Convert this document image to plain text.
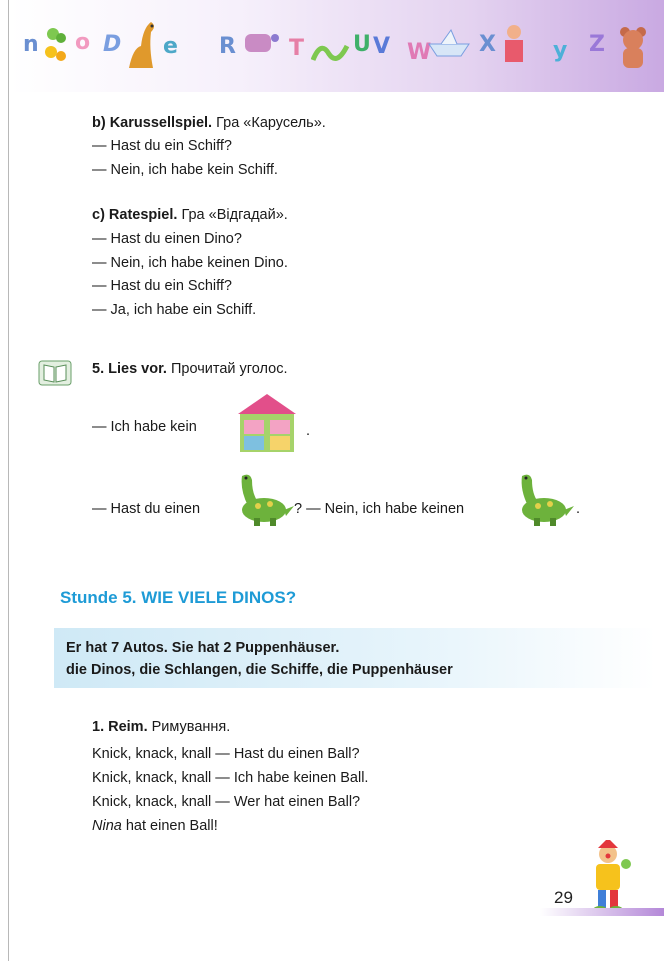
n o D e R T U V W X	y Z
b) Karussellspiel. Гра «Карусель».
— Hast du ein Schiff?
— Nein, ich habe kein Schiff.
c) Ratespiel. Гра «Відгадай».
— Hast du einen Dino?
— Nein, ich habe keinen Dino.
— Hast du ein Schiff?
— Ja, ich habe ein Schiff.
5. Lies vor. Прочитай уголос.
— Ich habe kein	.
— Hast du einen	? — Nein, ich habe keinen	.
Stunde 5. WIE VIELE DINOS?
Er hat 7 Autos. Sie hat 2 Puppenhäuser.
die Dinos, die Schlangen, die Schiffe, die Puppenhäuser
1. Reim. Римування.
Knick, knack, knall — Hast du einen Ball?
Knick, knack, knall — Ich habe keinen Ball.
Knick, knack, knall — Wer hat einen Ball?
Nina hat einen Ball!
29
